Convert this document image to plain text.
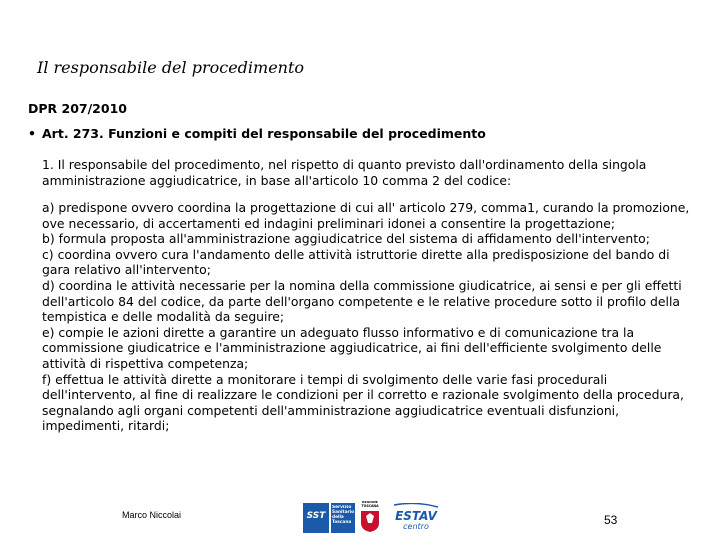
Il responsabile del procedimento
DPR 207/2010
• Art. 273. Funzioni e compiti del responsabile del procedimento
1. Il responsabile del procedimento, nel rispetto di quanto previsto dall'ordinamento della singola amministrazione aggiudicatrice, in base all'articolo 10 comma 2 del codice:
a) predispone ovvero coordina la progettazione di cui all' articolo 279, comma1, curando la promozione, ove necessario, di accertamenti ed indagini preliminari idonei a consentire la progettazione;
b) formula proposta all'amministrazione aggiudicatrice del sistema di affidamento dell'intervento;
c) coordina ovvero cura l'andamento delle attività istruttorie dirette alla predisposizione del bando di gara relativo all'intervento;
d) coordina le attività necessarie per la nomina della commissione giudicatrice, ai sensi e per gli effetti dell'articolo 84 del codice, da parte dell'organo competente e le relative procedure sotto il profilo della tempistica e delle modalità da seguire;
e) compie le azioni dirette a garantire un adeguato flusso informativo e di comunicazione tra la commissione giudicatrice e l'amministrazione aggiudicatrice, ai fini dell'efficiente svolgimento delle attività di rispettiva competenza;
f) effettua le attività dirette a monitorare i tempi di svolgimento delle varie fasi procedurali dell'intervento, al fine di realizzare le condizioni per il corretto e razionale svolgimento della procedura, segnalando agli organi competenti dell'amministrazione aggiudicatrice eventuali disfunzioni, impedimenti, ritardi;
Marco Niccolai	SST
Servizio Sanitario della Toscana
REGIONE TOSCANA
ESTAV
centro	53
